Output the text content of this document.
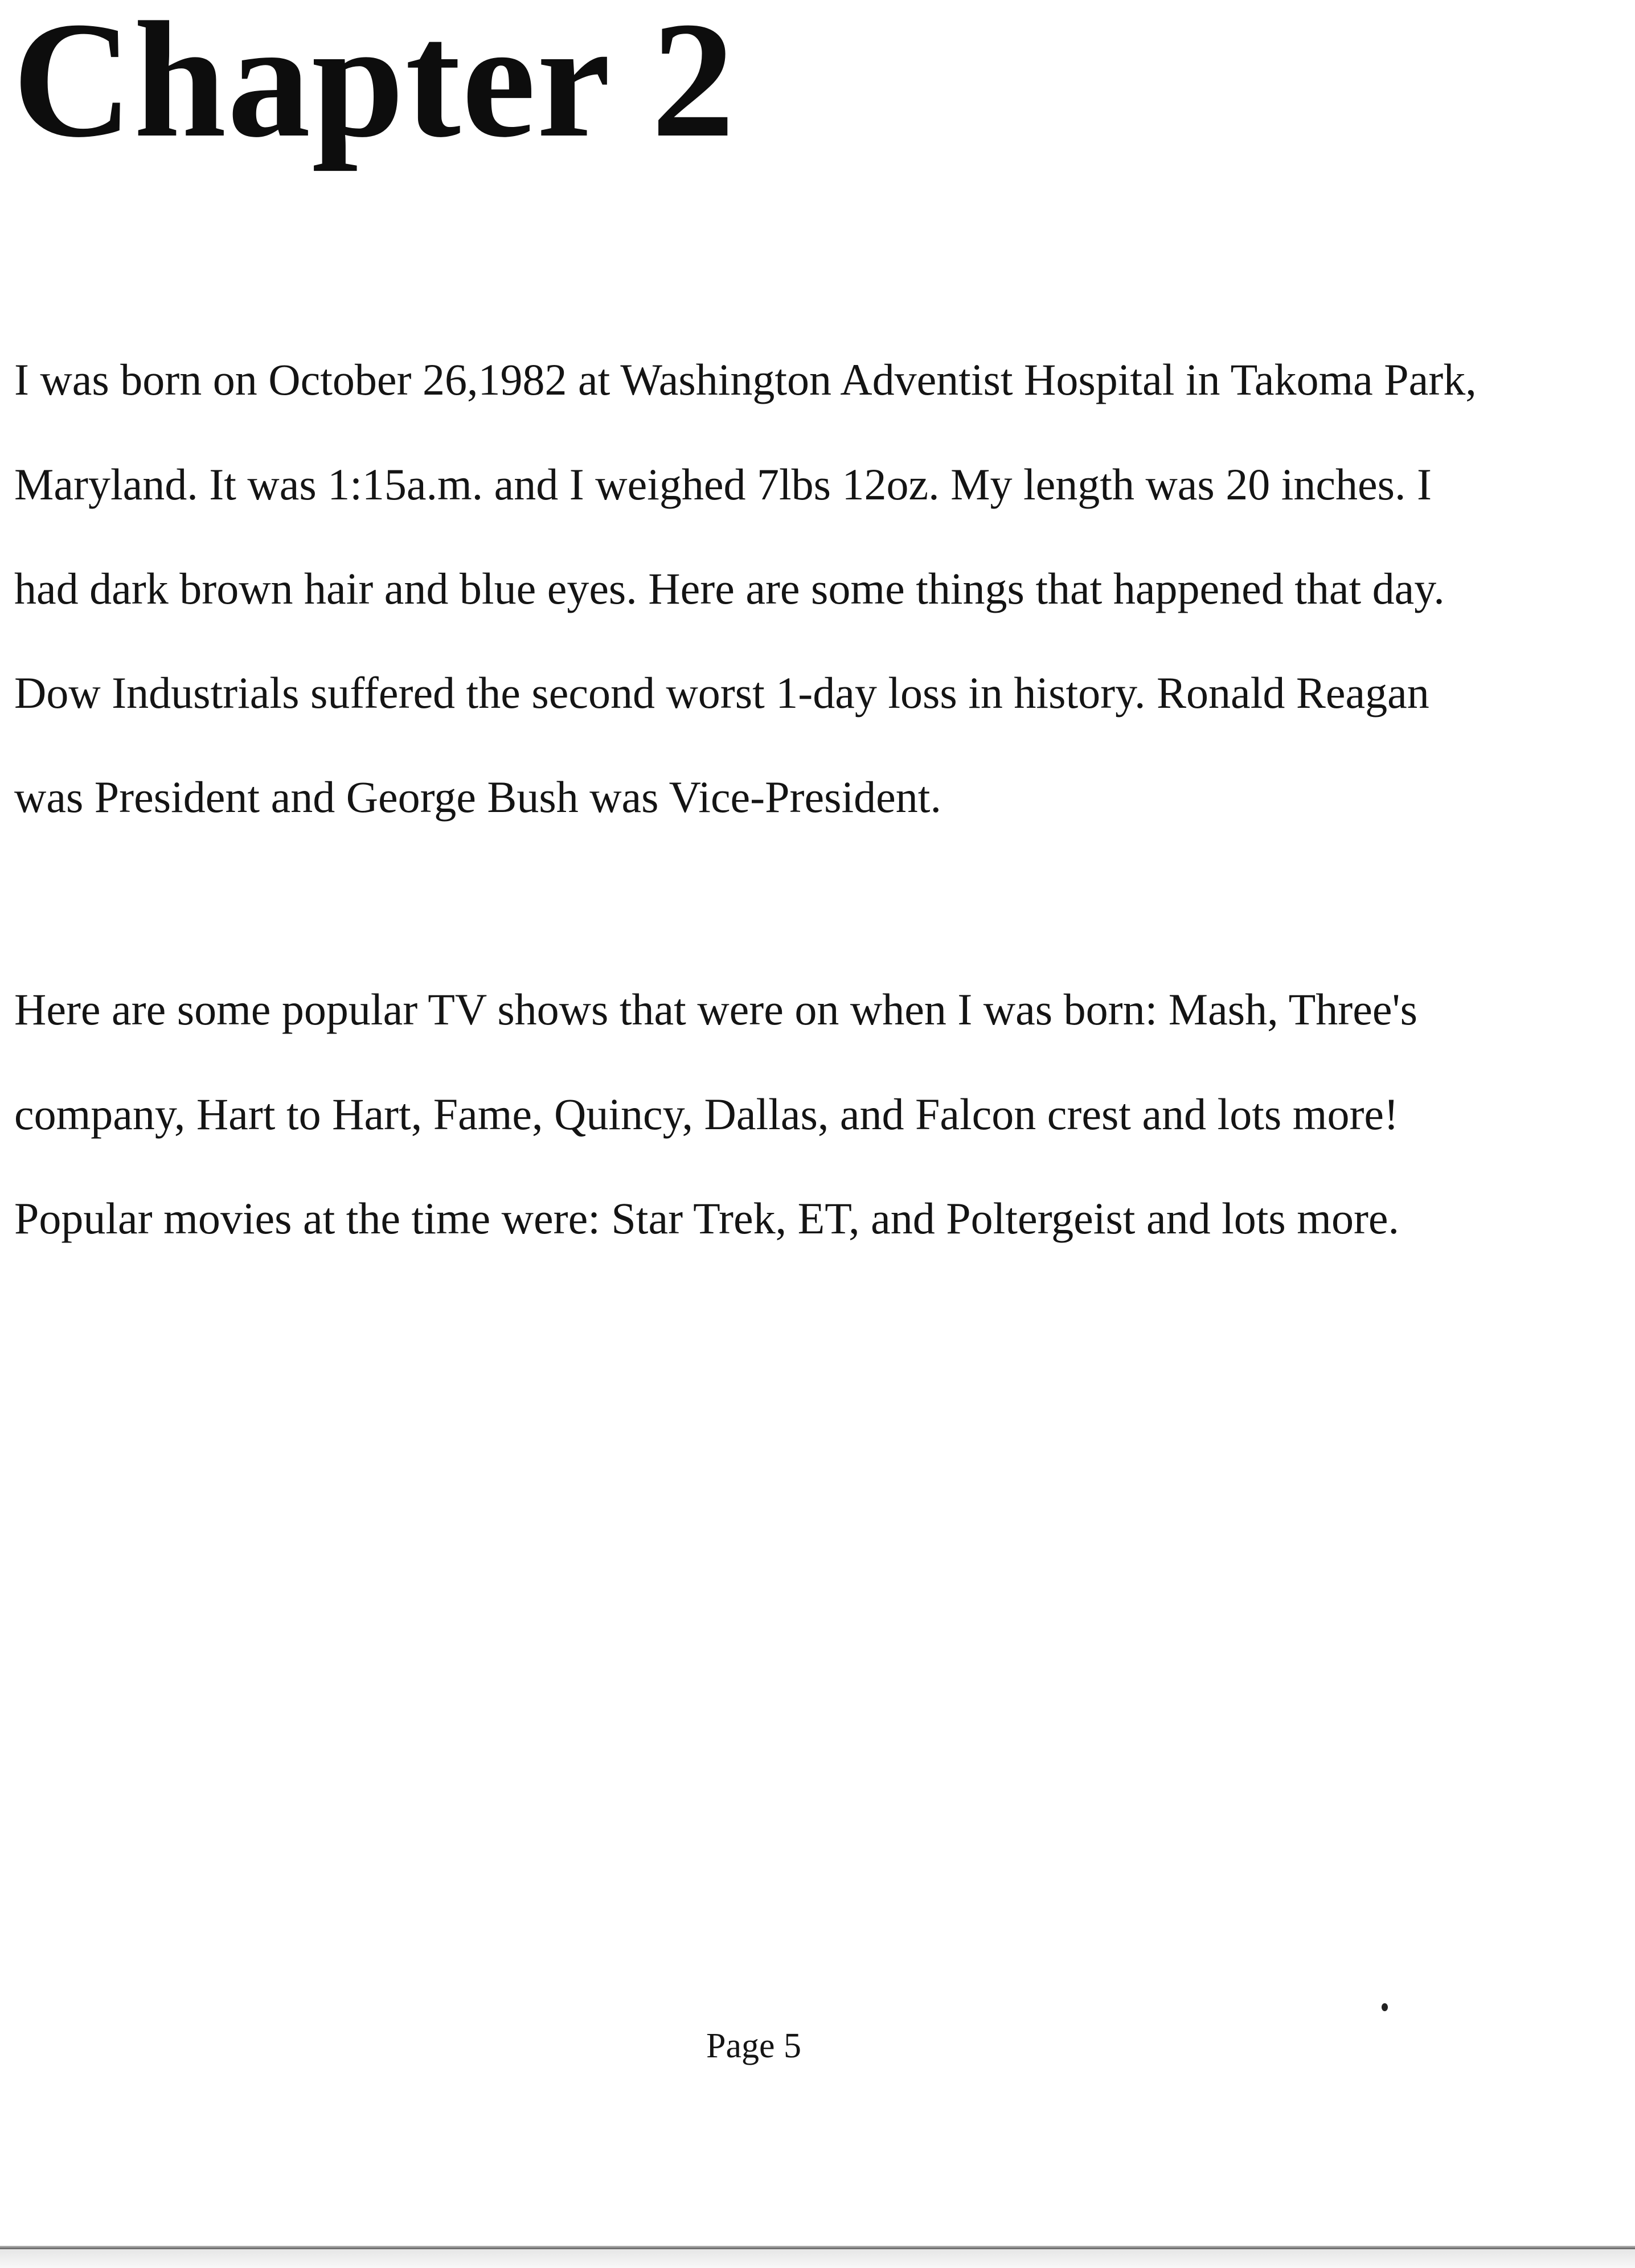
Chapter 2

I was born on October 26,1982 at Washington Adventist Hospital in Takoma Park,

Maryland. It was 1:15a.m. and I weighed 7lbs 12oz. My length was 20 inches. I

had dark brown hair and blue eyes. Here are some things that happened that day.

Dow Industrials suffered the second worst 1-day loss in history. Ronald Reagan

was President and George Bush was Vice-President.

Here are some popular TV shows that were on when I was born: Mash, Three's

company, Hart to Hart, Fame, Quincy, Dallas, and Falcon crest and lots more!

Popular movies at the time were: Star Trek, ET, and Poltergeist and lots more.

Page 5
